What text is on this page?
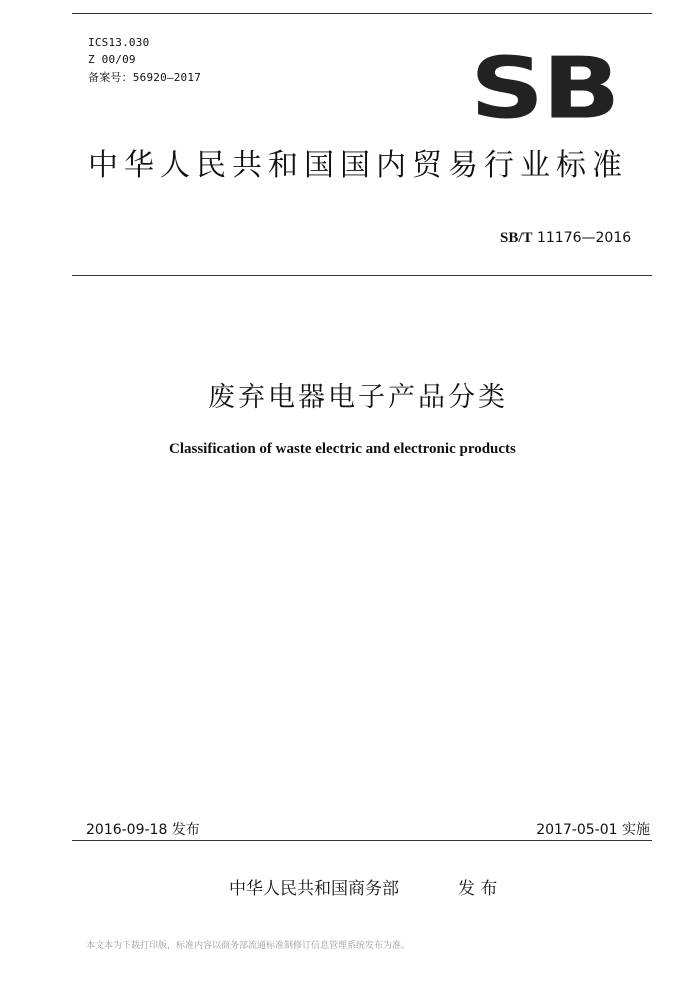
ICS13.030
Z 00/09
备案号：56920—2017	SB
中华人民共和国国内贸易行业标准
SB/T 11176—2016
废弃电器电子产品分类
Classification of waste electric and electronic products
2016-09-18 发布	2017-05-01 实施
中华人民共和国商务部	发 布
本文本为下载打印版，标准内容以商务部流通标准制修订信息管理系统发布为准。
